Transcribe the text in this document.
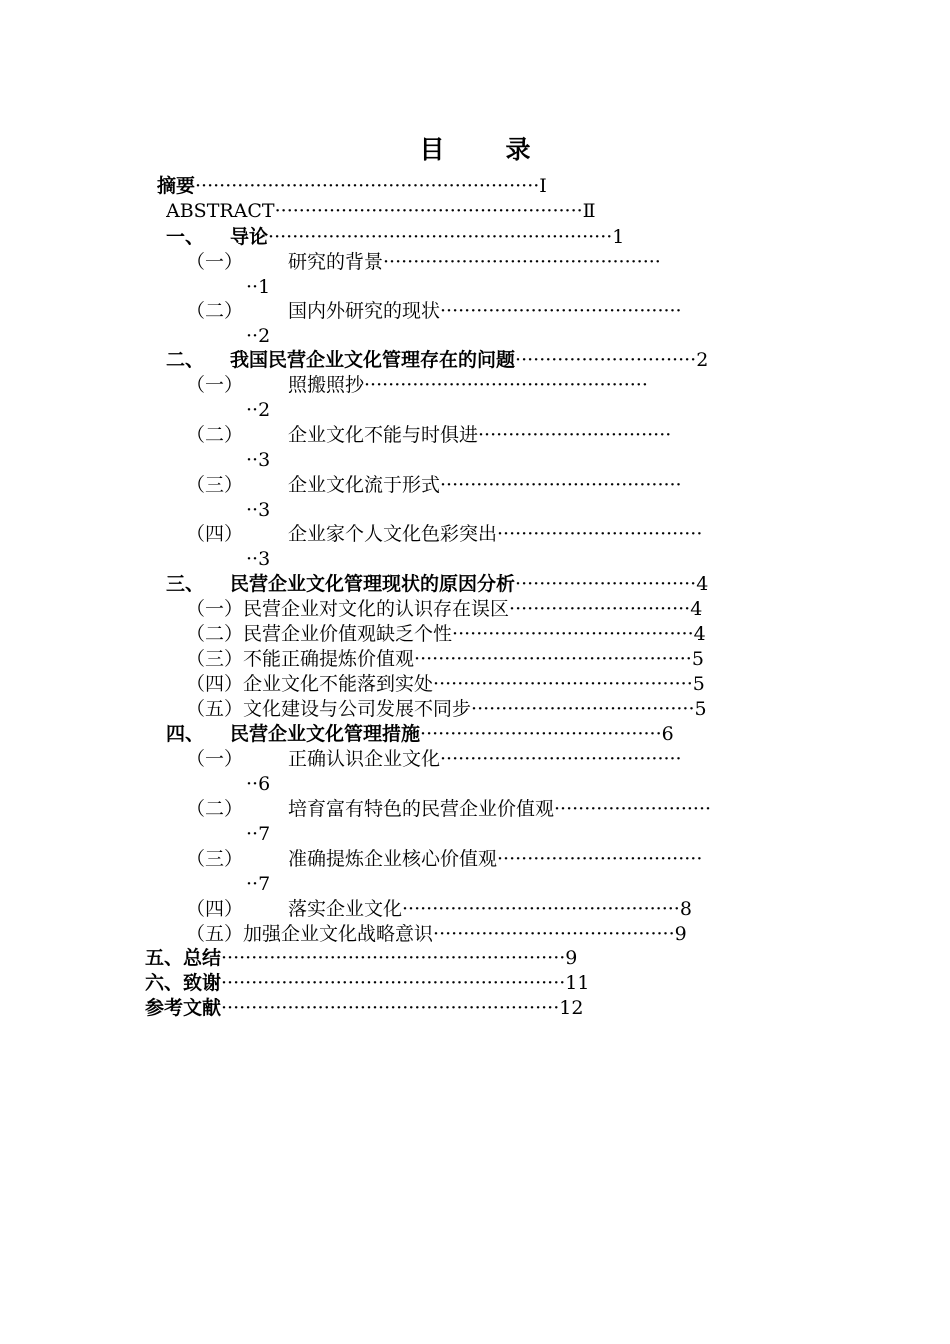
目　录
摘要·························································Ⅰ
ABSTRACT···················································Ⅱ
一、 导论·························································1
（一） 研究的背景··············································
··1
（二） 国内外研究的现状········································
··2
二、 我国民营企业文化管理存在的问题······························2
（一） 照搬照抄···············································
··2
（二） 企业文化不能与时俱进································
··3
（三） 企业文化流于形式········································
··3
（四） 企业家个人文化色彩突出··································
··3
三、 民营企业文化管理现状的原因分析······························4
（一）民营企业对文化的认识存在误区······························4
（二）民营企业价值观缺乏个性········································4
（三）不能正确提炼价值观··············································5
（四）企业文化不能落到实处···········································5
（五）文化建设与公司发展不同步·····································5
四、 民营企业文化管理措施········································6
（一） 正确认识企业文化········································
··6
（二） 培育富有特色的民营企业价值观··························
··7
（三） 准确提炼企业核心价值观··································
··7
（四） 落实企业文化··············································8
（五）加强企业文化战略意识········································9
五、总结·························································9
六、致谢·························································11
参考文献························································12
